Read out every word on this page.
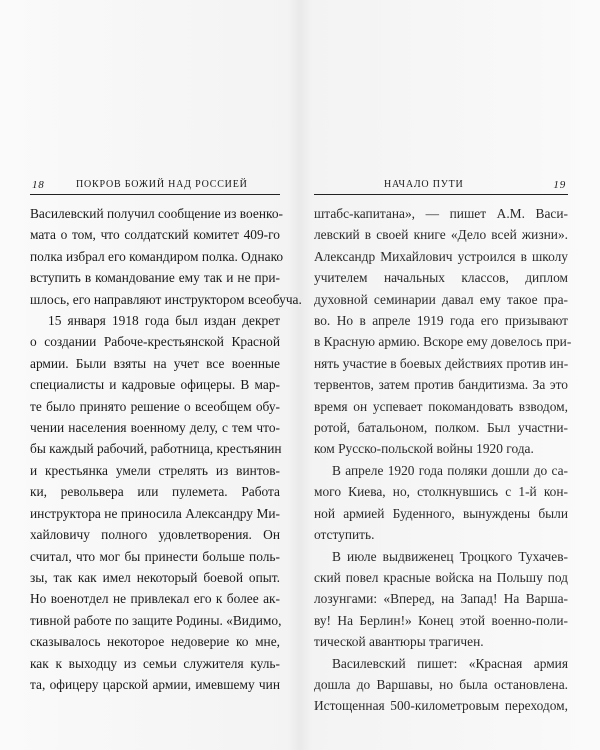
18	ПОКРОВ БОЖИЙ НАД РОССИЕЙ
Василевский получил сообщение из военко-
мата о том, что солдатский комитет 409-го
полка избрал его командиром полка. Однако
вступить в командование ему так и не при-
шлось, его направляют инструктором всеобуча.
15 января 1918 года был издан декрет
о создании Рабоче-крестьянской Красной
армии. Были взяты на учет все военные
специалисты и кадровые офицеры. В мар-
те было принято решение о всеобщем обу-
чении населения военному делу, с тем что-
бы каждый рабочий, работница, крестьянин
и крестьянка умели стрелять из винтов-
ки, револьвера или пулемета. Работа
инструктора не приносила Александру Ми-
хайловичу полного удовлетворения. Он
считал, что мог бы принести больше поль-
зы, так как имел некоторый боевой опыт.
Но военотдел не привлекал его к более ак-
тивной работе по защите Родины. «Видимо,
сказывалось некоторое недоверие ко мне,
как к выходцу из семьи служителя куль-
та, офицеру царской армии, имевшему чин
НАЧАЛО ПУТИ	19
штабс-капитана», — пишет А.М. Васи-
левский в своей книге «Дело всей жизни».
Александр Михайлович устроился в школу
учителем начальных классов, диплом
духовной семинарии давал ему такое пра-
во. Но в апреле 1919 года его призывают
в Красную армию. Вскоре ему довелось при-
нять участие в боевых действиях против ин-
тервентов, затем против бандитизма. За это
время он успевает покомандовать взводом,
ротой, батальоном, полком. Был участни-
ком Русско-польской войны 1920 года.
В апреле 1920 года поляки дошли до са-
мого Киева, но, столкнувшись с 1-й кон-
ной армией Буденного, вынуждены были
отступить.
В июле выдвиженец Троцкого Тухачев-
ский повел красные войска на Польшу под
лозунгами: «Вперед, на Запад! На Варша-
ву! На Берлин!» Конец этой военно-поли-
тической авантюры трагичен.
Василевский пишет: «Красная армия
дошла до Варшавы, но была остановлена.
Истощенная 500-километровым переходом,
